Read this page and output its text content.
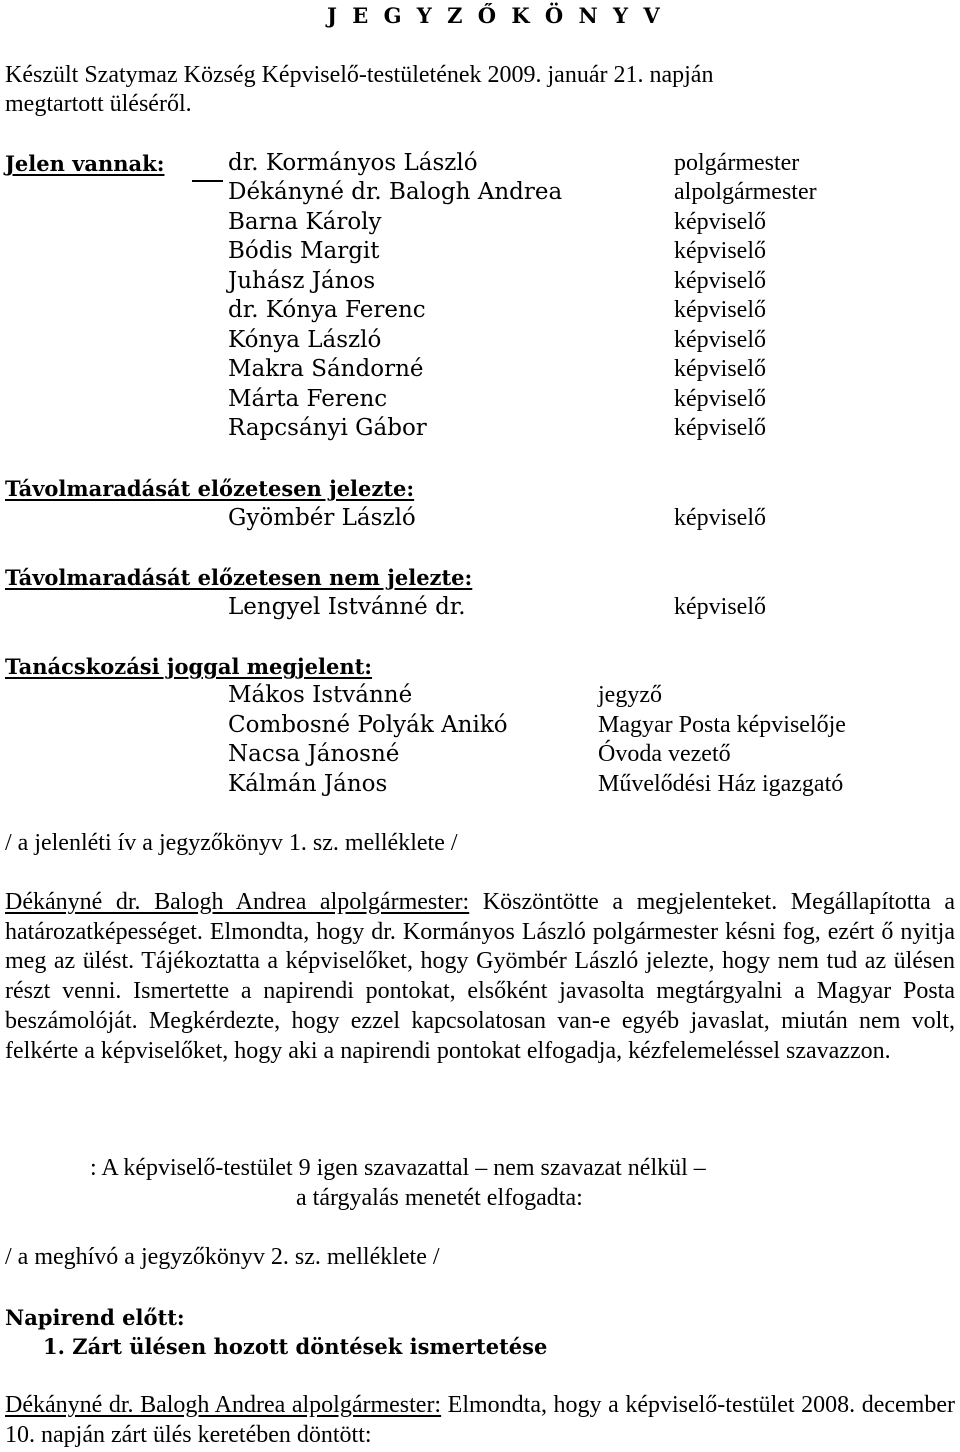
J E G Y Z Ő K Ö N Y V
Készült Szatymaz Község Képviselő-testületének 2009. január 21. napján
megtartott üléséről.
Jelen vannak:	dr. Kormányos László	polgármester
Dékányné dr. Balogh Andrea	alpolgármester
Barna Károly	képviselő
Bódis Margit	képviselő
Juhász János	képviselő
dr. Kónya Ferenc	képviselő
Kónya László	képviselő
Makra Sándorné	képviselő
Márta Ferenc	képviselő
Rapcsányi Gábor	képviselő
Távolmaradását előzetesen jelezte:
Gyömbér László	képviselő
Távolmaradását előzetesen nem jelezte:
Lengyel Istvánné dr.	képviselő
Tanácskozási joggal megjelent:
Mákos Istvánné	jegyző
Combosné Polyák Anikó	Magyar Posta képviselője
Nacsa Jánosné	Óvoda vezető
Kálmán János	Művelődési Ház igazgató
/ a jelenléti ív a jegyzőkönyv 1. sz. melléklete /
Dékányné dr. Balogh Andrea alpolgármester: Köszöntötte a megjelenteket. Megállapította a határozatképességet. Elmondta, hogy dr. Kormányos László polgármester késni fog, ezért ő nyitja meg az ülést. Tájékoztatta a képviselőket, hogy Gyömbér László jelezte, hogy nem tud az ülésen részt venni. Ismertette a napirendi pontokat, elsőként javasolta megtárgyalni a Magyar Posta beszámolóját. Megkérdezte, hogy ezzel kapcsolatosan van-e egyéb javaslat, miután nem volt, felkérte a képviselőket, hogy aki a napirendi pontokat elfogadja, kézfelemeléssel szavazzon.
: A képviselő-testület 9 igen szavazattal – nem szavazat nélkül –
a tárgyalás menetét elfogadta:
/ a meghívó a jegyzőkönyv 2. sz. melléklete /
Napirend előtt:
1. Zárt ülésen hozott döntések ismertetése
Dékányné dr. Balogh Andrea alpolgármester: Elmondta, hogy a képviselő-testület 2008. december 10. napján zárt ülés keretében döntött:
